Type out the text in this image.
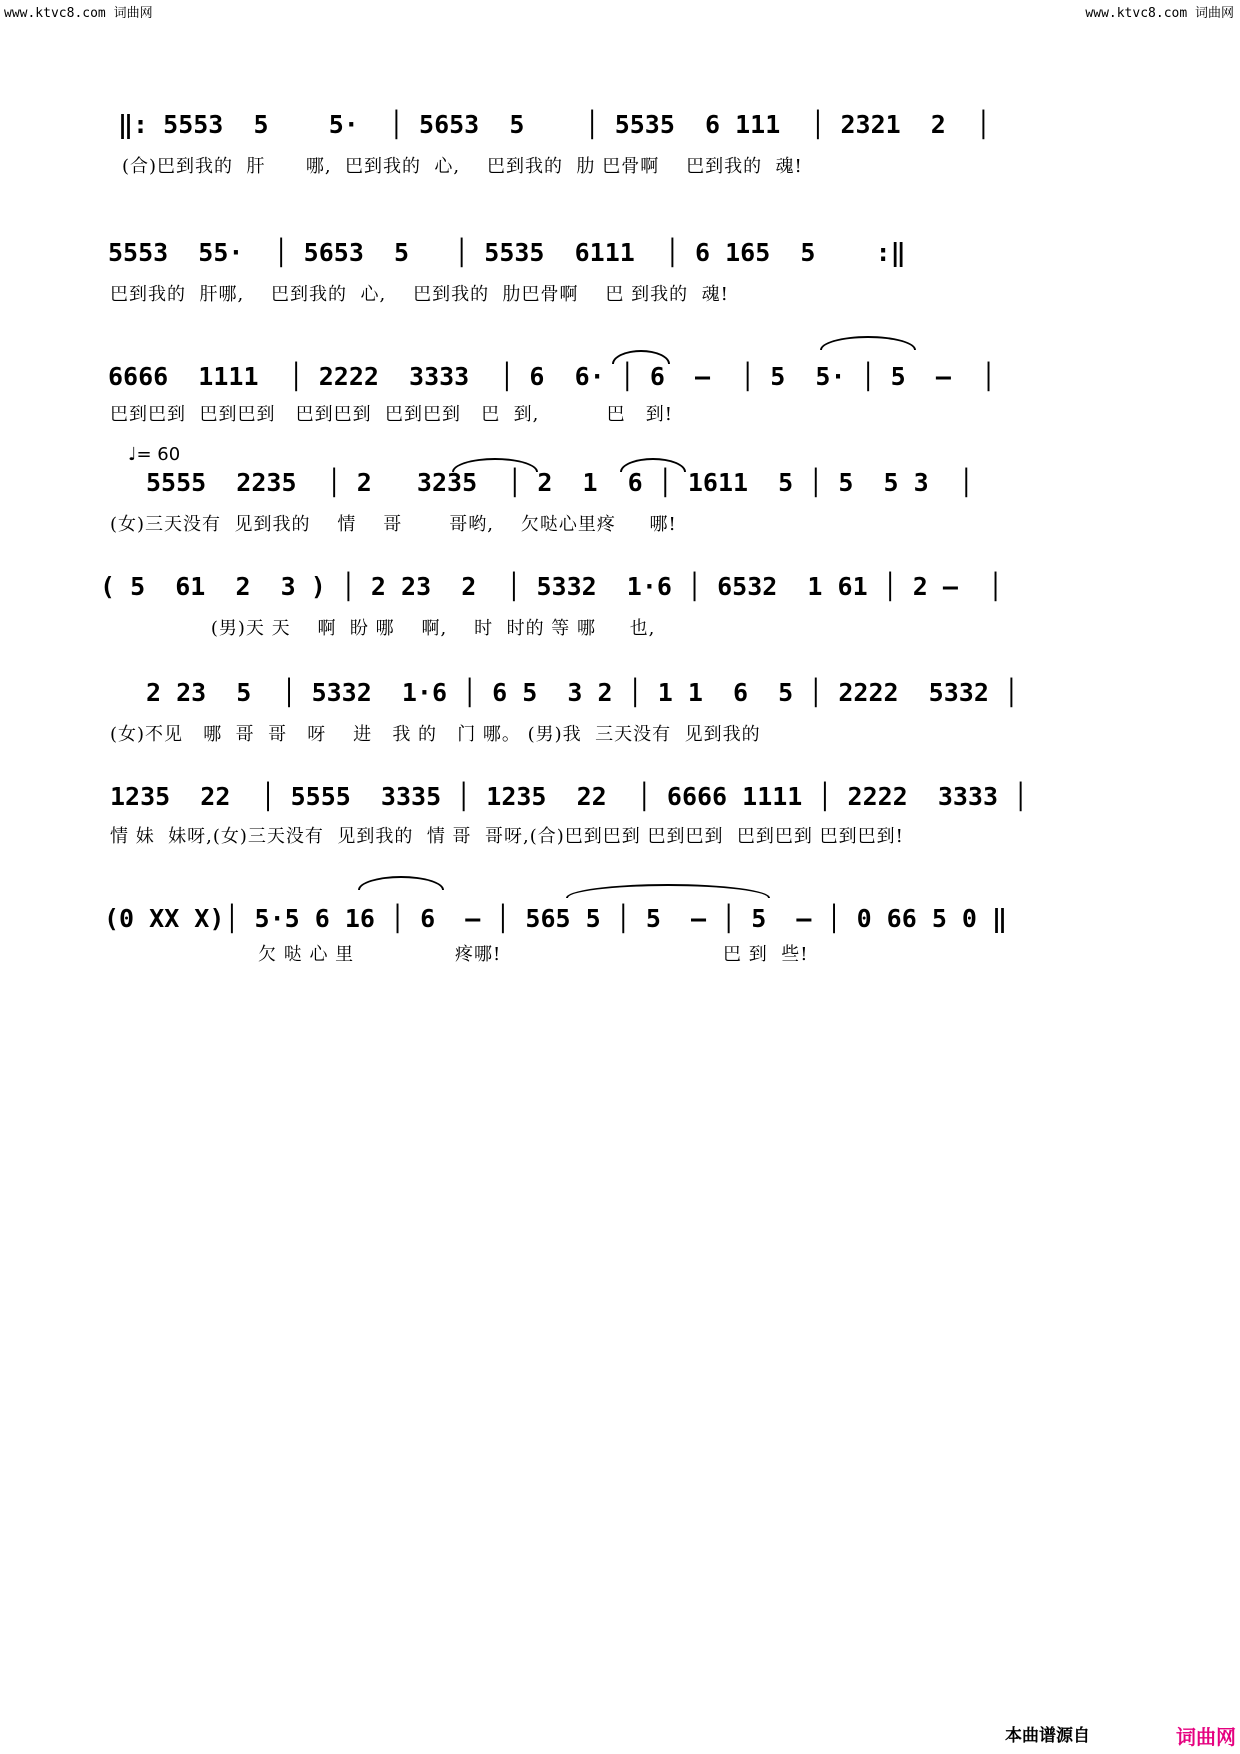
www.ktvc8.com 词曲网	www.ktvc8.com 词曲网
‖: 5553  5    5·  │ 5653  5    │ 5535  6 111  │ 2321  2  │
(合)巴到我的  肝      哪,  巴到我的  心,    巴到我的  肋 巴骨啊    巴到我的  魂!
5553  55·  │ 5653  5   │ 5535  6111  │ 6 165  5    :‖
巴到我的  肝哪,    巴到我的  心,    巴到我的  肋巴骨啊    巴 到我的  魂!
6666  1111  │ 2222  3333  │ 6  6· │ 6  –  │ 5  5· │ 5  –  │
巴到巴到  巴到巴到   巴到巴到  巴到巴到   巴  到,          巴   到!
♩= 60
5555  2235  │ 2   3235  │ 2  1  6 │ 1611  5 │ 5  5 3  │
(女)三天没有  见到我的    情    哥       哥哟,    欠哒心里疼     哪!
( 5  61  2  3 ) │ 2 23  2  │ 5332  1·6 │ 6532  1 61 │ 2 –  │
(男)天 天    啊  盼 哪    啊,    时  时的 等 哪     也,
2 23  5  │ 5332  1·6 │ 6 5  3 2 │ 1 1  6  5 │ 2222  5332 │
(女)不见   哪  哥  哥   呀    进   我 的   门 哪。 (男)我  三天没有  见到我的
1235  22  │ 5555  3335 │ 1235  22  │ 6666 1111 │ 2222  3333 │
情 妹  妹呀,(女)三天没有  见到我的  情 哥  哥呀,(合)巴到巴到 巴到巴到  巴到巴到 巴到巴到!
(0 XX X)│ 5·5 6 16 │ 6  – │ 565 5 │ 5  – │ 5  – │ 0 66 5 0 ‖
欠 哒 心 里               疼哪!                                 巴 到  些!
本曲谱源自	词曲网
